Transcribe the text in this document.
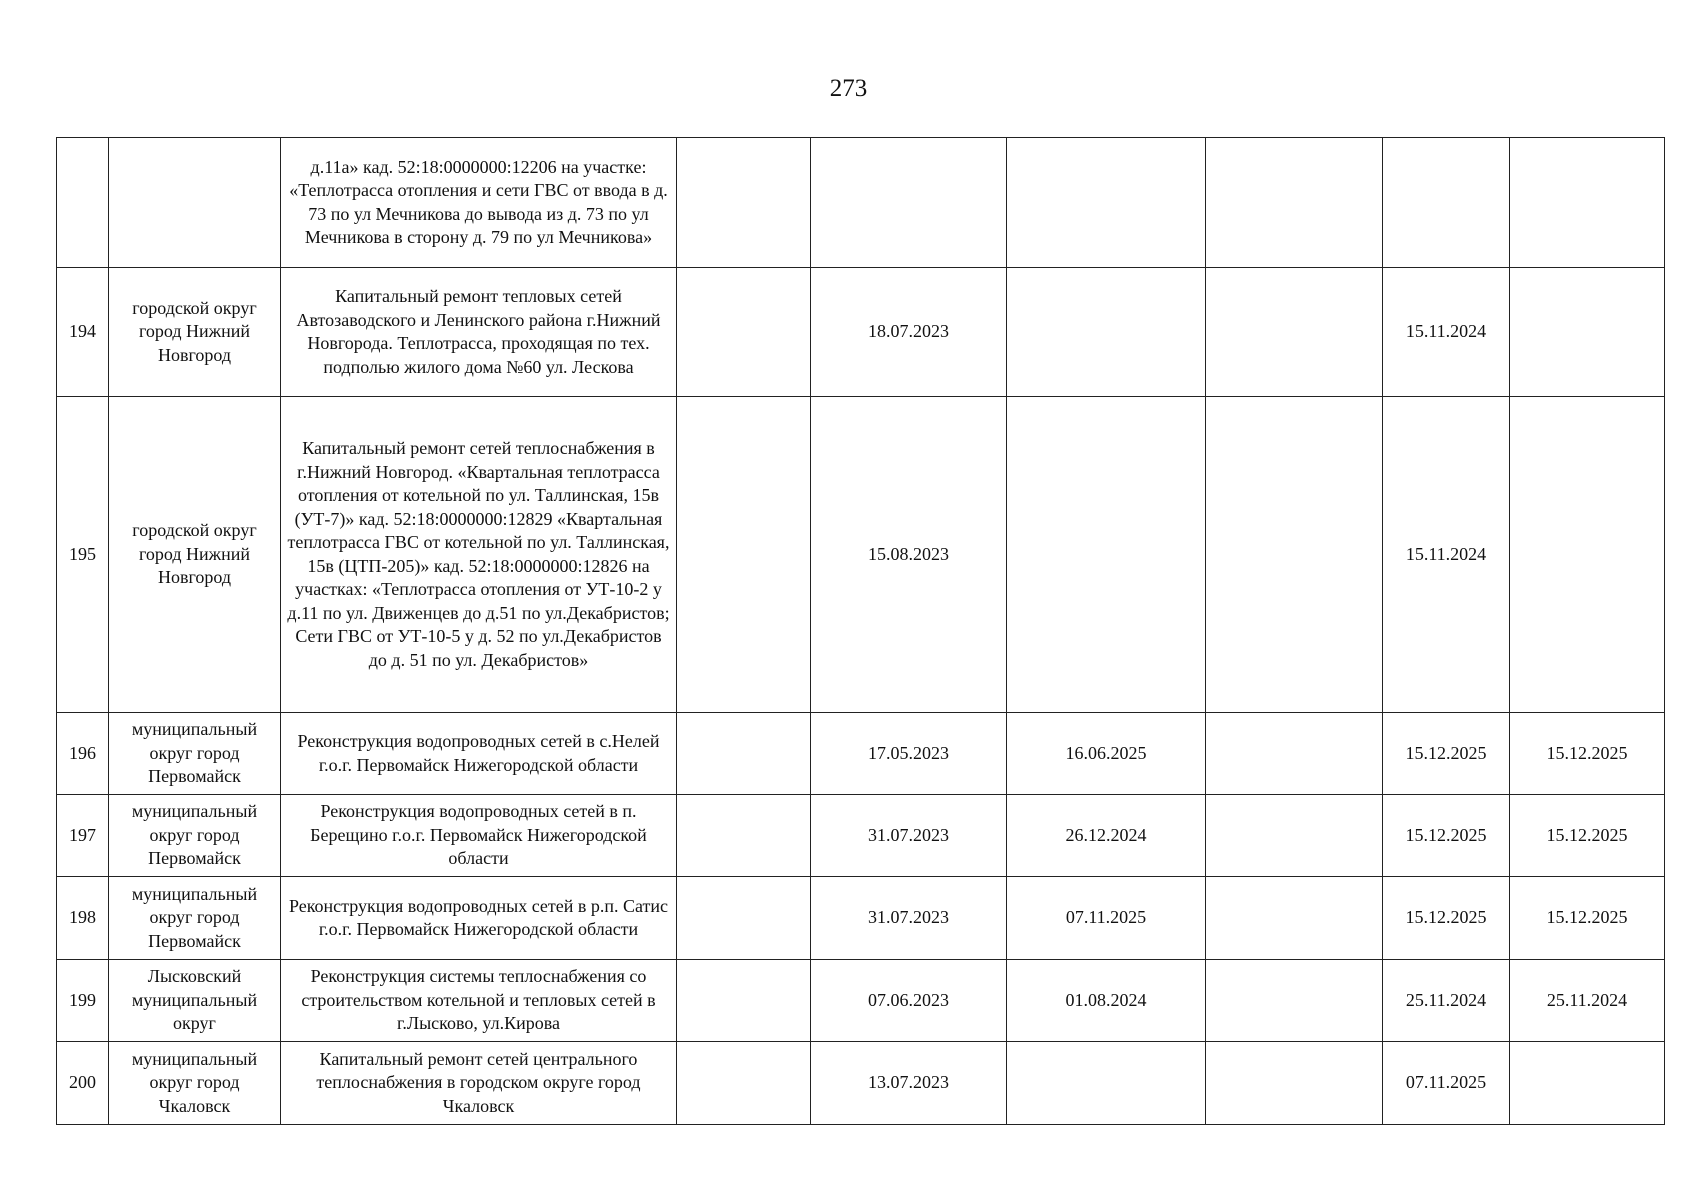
273
		д.11а» кад. 52:18:0000000:12206 на участке: «Теплотрасса отопления и сети ГВС от ввода в д. 73 по ул Мечникова до вывода из д. 73 по ул Мечникова в сторону д. 79 по ул Мечникова»						
194	городской округ город Нижний Новгород	Капитальный ремонт тепловых сетей Автозаводского и Ленинского района г.Нижний Новгорода. Теплотрасса, проходящая по тех. подполью жилого дома №60 ул. Лескова		18.07.2023			15.11.2024	
195	городской округ город Нижний Новгород	Капитальный ремонт сетей теплоснабжения в г.Нижний Новгород. «Квартальная теплотрасса отопления от котельной по ул. Таллинская, 15в (УТ-7)» кад. 52:18:0000000:12829 «Квартальная теплотрасса ГВС от котельной по ул. Таллинская, 15в (ЦТП-205)» кад. 52:18:0000000:12826 на участках: «Теплотрасса отопления от УТ-10-2 у д.11 по ул. Движенцев до д.51 по ул.Декабристов; Сети ГВС от УТ-10-5 у д. 52 по ул.Декабристов до д. 51 по ул. Декабристов»		15.08.2023			15.11.2024	
196	муниципальный округ город Первомайск	Реконструкция водопроводных сетей в с.Нелей г.о.г. Первомайск Нижегородской области		17.05.2023	16.06.2025		15.12.2025	15.12.2025
197	муниципальный округ город Первомайск	Реконструкция водопроводных сетей в п. Берещино г.о.г. Первомайск Нижегородской области		31.07.2023	26.12.2024		15.12.2025	15.12.2025
198	муниципальный округ город Первомайск	Реконструкция водопроводных сетей в р.п. Сатис г.о.г. Первомайск Нижегородской области		31.07.2023	07.11.2025		15.12.2025	15.12.2025
199	Лысковский муниципальный округ	Реконструкция системы теплоснабжения со строительством котельной и тепловых сетей в г.Лысково, ул.Кирова		07.06.2023	01.08.2024		25.11.2024	25.11.2024
200	муниципальный округ город Чкаловск	Капитальный ремонт сетей центрального теплоснабжения в городском округе город Чкаловск		13.07.2023			07.11.2025	
